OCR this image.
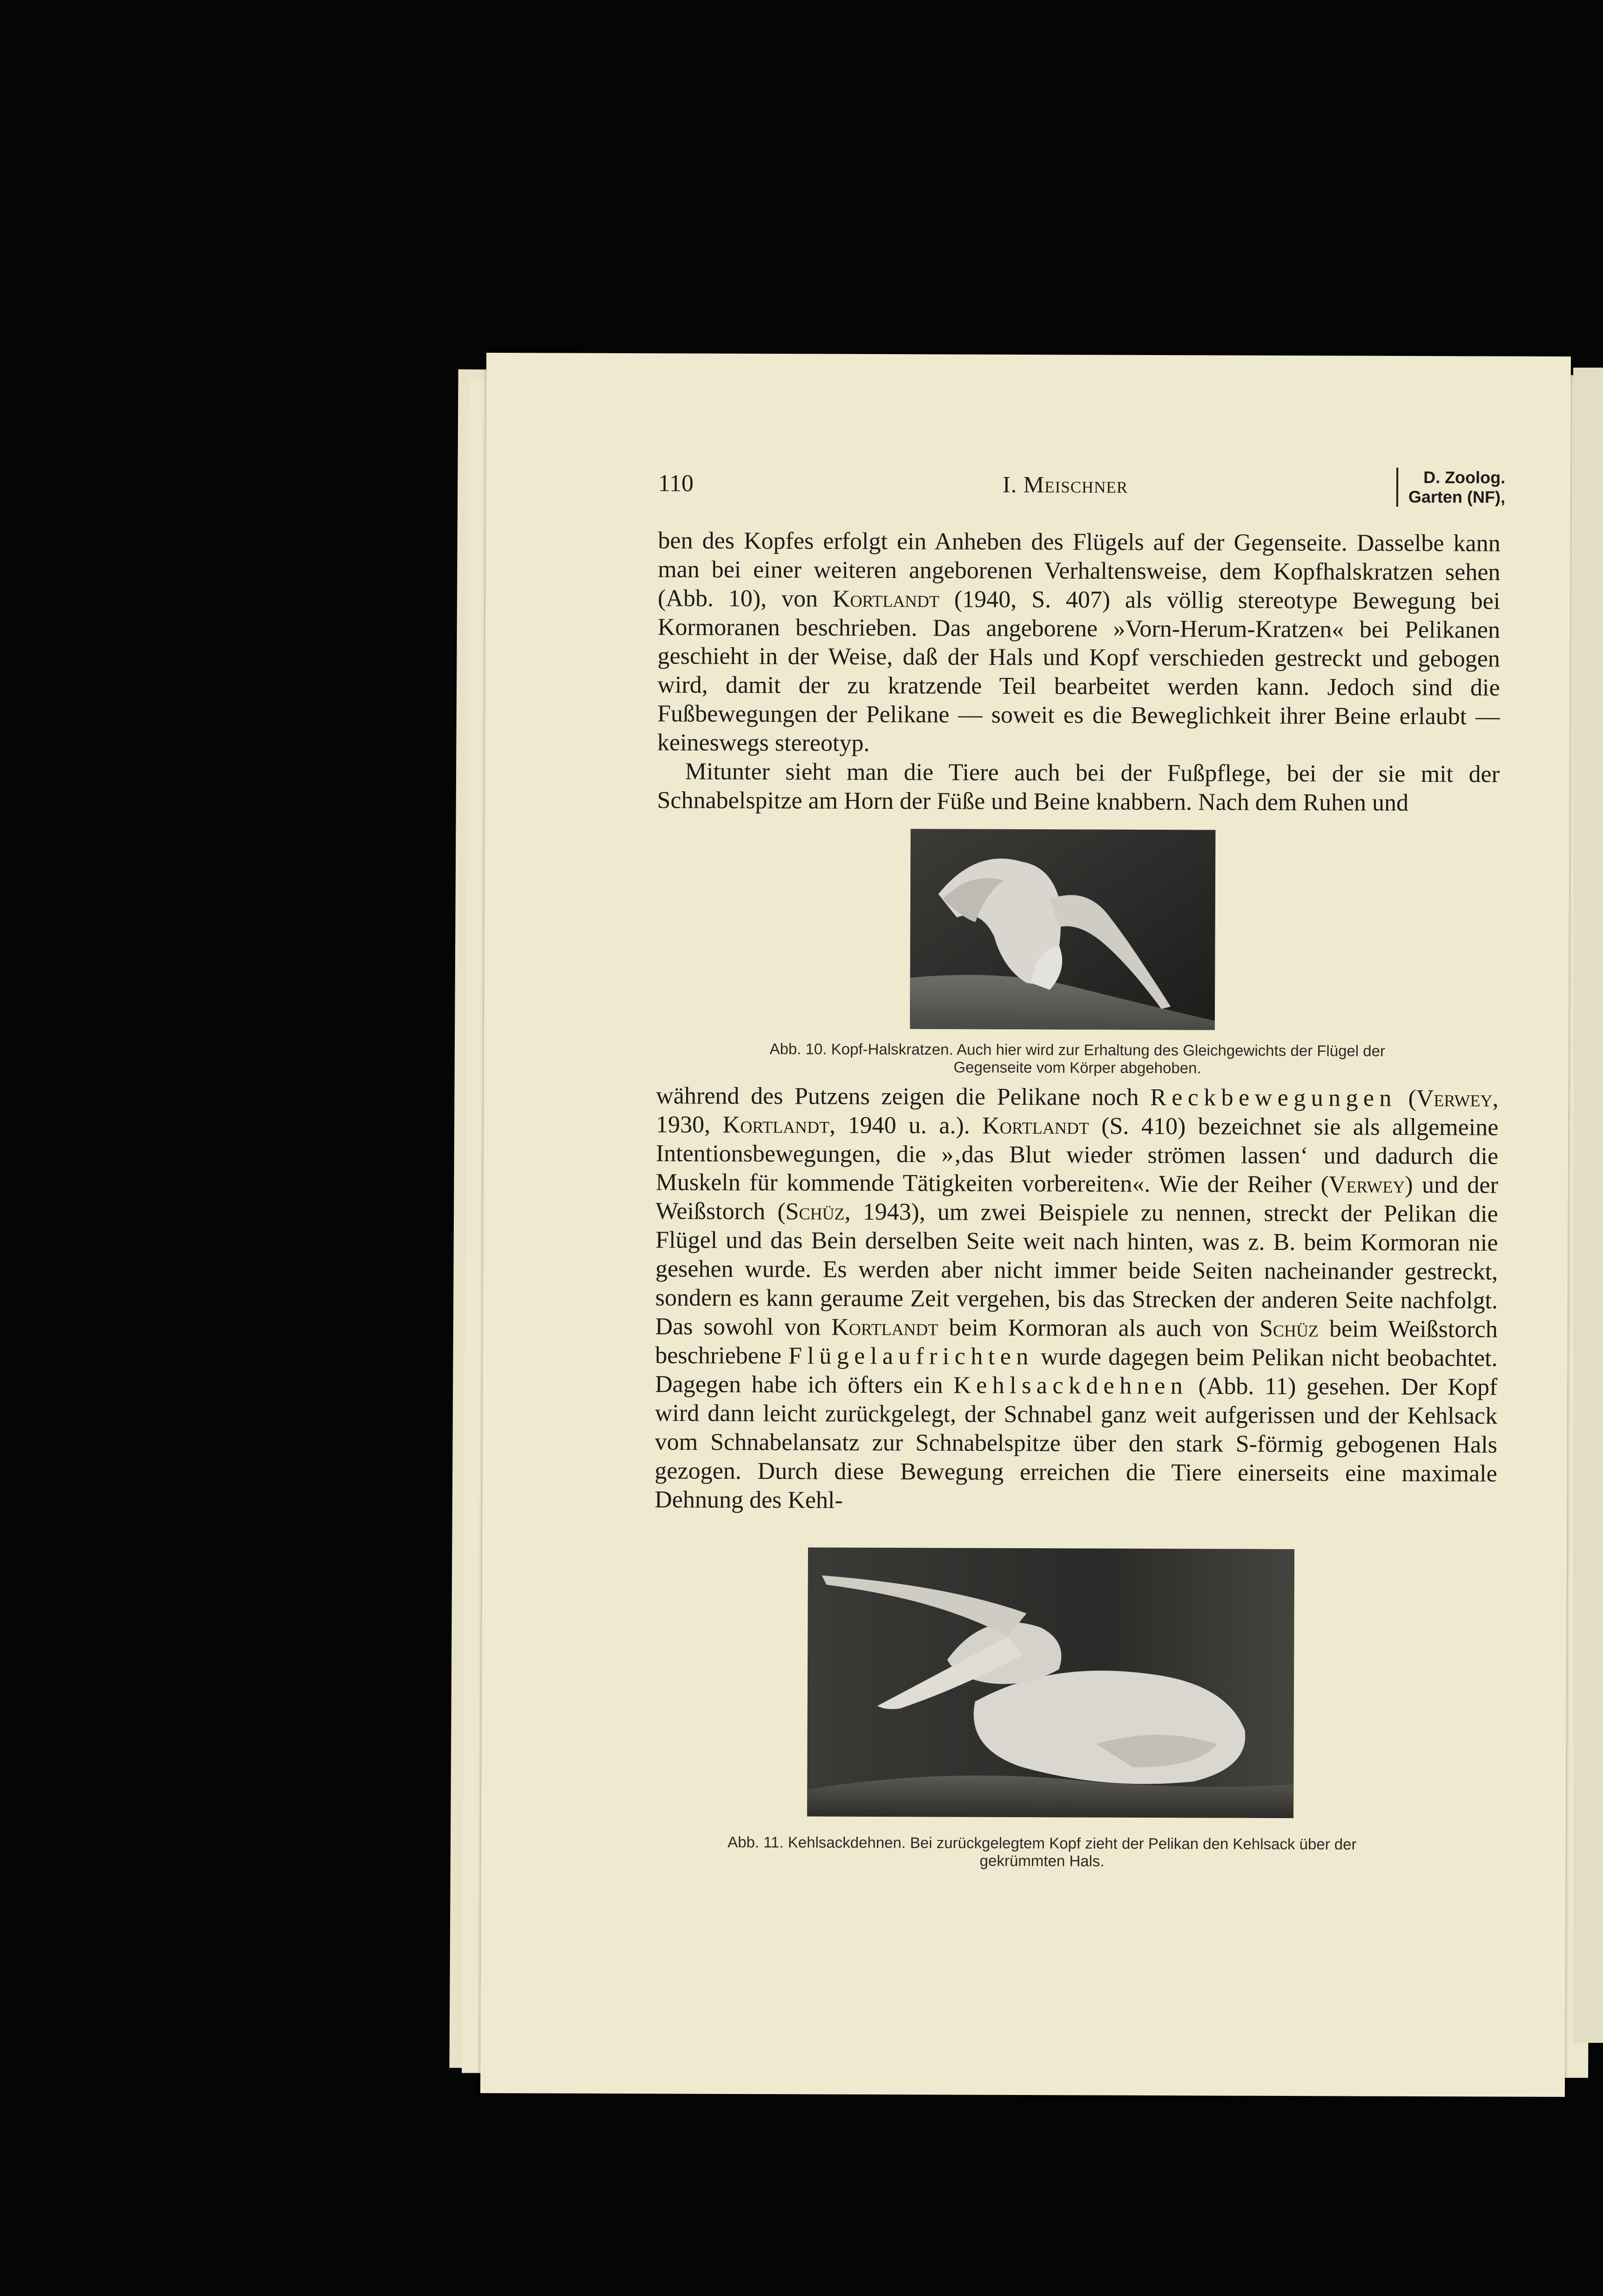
110	I. Meischner	D. Zoolog.
Garten (NF),

ben des Kopfes erfolgt ein Anheben des Flügels auf der Gegenseite. Dasselbe kann man bei einer weiteren angeborenen Verhaltensweise, dem Kopfhalskratzen sehen (Abb. 10), von Kortlandt (1940, S. 407) als völlig stereotype Bewegung bei Kormoranen beschrieben. Das angeborene »Vorn-Herum-Kratzen« bei Pelikanen geschieht in der Weise, daß der Hals und Kopf verschieden gestreckt und gebogen wird, damit der zu kratzende Teil bearbeitet werden kann. Jedoch sind die Fußbewegungen der Pelikane — soweit es die Beweglichkeit ihrer Beine erlaubt — keineswegs stereotyp.

Mitunter sieht man die Tiere auch bei der Fußpflege, bei der sie mit der Schnabelspitze am Horn der Füße und Beine knabbern. Nach dem Ruhen und

Abb. 10. Kopf-Halskratzen. Auch hier wird zur Erhaltung des Gleichgewichts der Flügel der

Gegenseite vom Körper abgehoben.

während des Putzens zeigen die Pelikane noch Reckbewegungen (Verwey, 1930, Kortlandt, 1940 u. a.). Kortlandt (S. 410) bezeichnet sie als allgemeine Intentionsbewegungen, die »‚das Blut wieder strömen lassen‘ und dadurch die Muskeln für kommende Tätigkeiten vorbereiten«. Wie der Reiher (Verwey) und der Weißstorch (Schüz, 1943), um zwei Beispiele zu nennen, streckt der Pelikan die Flügel und das Bein derselben Seite weit nach hinten, was z. B. beim Kormoran nie gesehen wurde. Es werden aber nicht immer beide Seiten nacheinander gestreckt, sondern es kann geraume Zeit vergehen, bis das Strecken der anderen Seite nachfolgt. Das sowohl von Kortlandt beim Kormoran als auch von Schüz beim Weißstorch beschriebene Flügelaufrichten wurde dagegen beim Pelikan nicht beobachtet. Dagegen habe ich öfters ein Kehlsackdehnen (Abb. 11) gesehen. Der Kopf wird dann leicht zurückgelegt, der Schnabel ganz weit aufgerissen und der Kehlsack vom Schnabelansatz zur Schnabelspitze über den stark S-förmig gebogenen Hals gezogen. Durch diese Bewegung erreichen die Tiere einerseits eine maximale Dehnung des Kehl-

Abb. 11. Kehlsackdehnen. Bei zurückgelegtem Kopf zieht der Pelikan den Kehlsack über der

gekrümmten Hals.
